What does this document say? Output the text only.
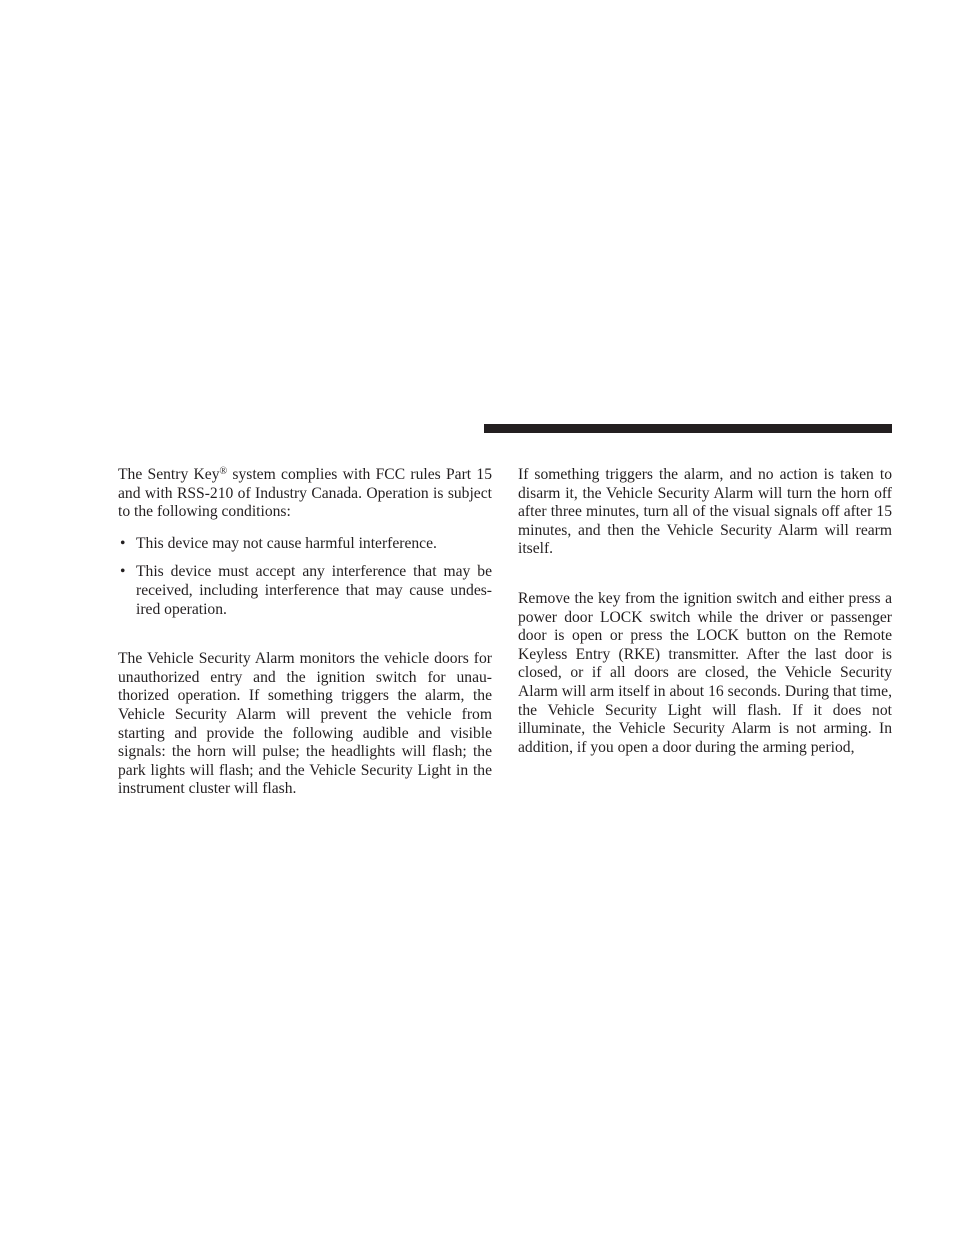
The Sentry Key® system complies with FCC rules Part 15 and with RSS-210 of Industry Canada. Operation is subject to the following conditions:

• This device may not cause harmful interference.
• This device must accept any interference that may be received, including interference that may cause undes-ired operation.

The Vehicle Security Alarm monitors the vehicle doors for unauthorized entry and the ignition switch for unau-thorized operation. If something triggers the alarm, the Vehicle Security Alarm will prevent the vehicle from starting and provide the following audible and visible signals: the horn will pulse; the headlights will flash; the park lights will flash; and the Vehicle Security Light in the instrument cluster will flash.

If something triggers the alarm, and no action is taken to disarm it, the Vehicle Security Alarm will turn the horn off after three minutes, turn all of the visual signals off after 15 minutes, and then the Vehicle Security Alarm will rearm itself.

Remove the key from the ignition switch and either press a power door LOCK switch while the driver or passenger door is open or press the LOCK button on the Remote Keyless Entry (RKE) transmitter. After the last door is closed, or if all doors are closed, the Vehicle Security Alarm will arm itself in about 16 seconds. During that time, the Vehicle Security Light will flash. If it does not illuminate, the Vehicle Security Alarm is not arming. In addition, if you open a door during the arming period,
